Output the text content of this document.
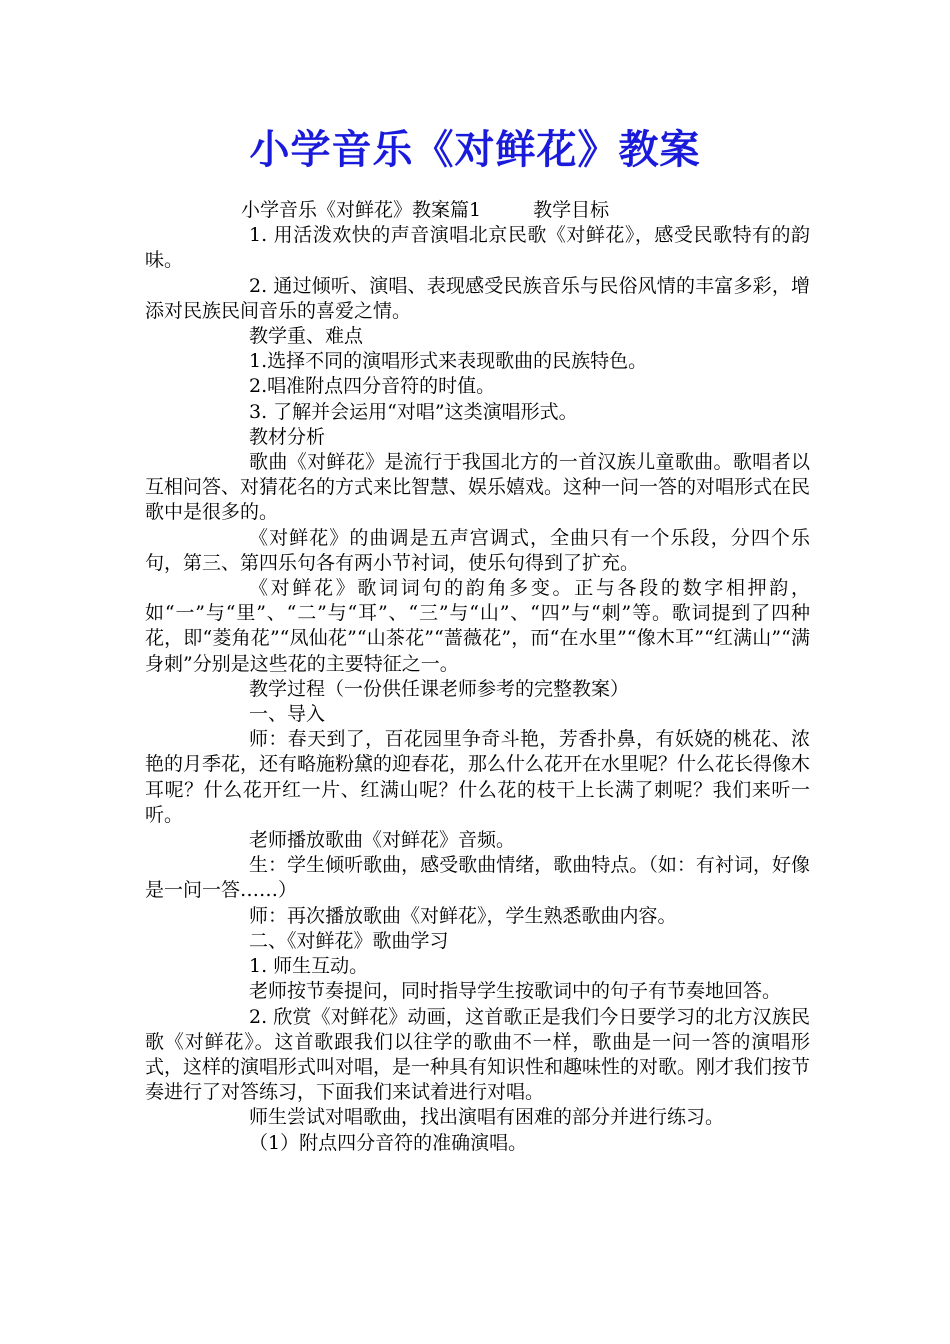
小学音乐《对鲜花》教案

小学音乐《对鲜花》教案篇1	教学目标

1. 用活泼欢快的声音演唱北京民歌《对鲜花》，感受民歌特有的韵味。

2. 通过倾听、演唱、表现感受民族音乐与民俗风情的丰富多彩，增添对民族民间音乐的喜爱之情。

教学重、难点

1.选择不同的演唱形式来表现歌曲的民族特色。

2.唱准附点四分音符的时值。

3. 了解并会运用“对唱”这类演唱形式。

教材分析

歌曲《对鲜花》是流行于我国北方的一首汉族儿童歌曲。歌唱者以互相问答、对猜花名的方式来比智慧、娱乐嬉戏。这种一问一答的对唱形式在民歌中是很多的。

《对鲜花》的曲调是五声宫调式，全曲只有一个乐段，分四个乐句，第三、第四乐句各有两小节衬词，使乐句得到了扩充。

《对鲜花》歌词词句的韵角多变。正与各段的数字相押韵，如“一”与“里”、“二”与“耳”、“三”与“山”、“四”与“刺”等。歌词提到了四种花，即“菱角花”“凤仙花”“山茶花”“蔷薇花”，而“在水里”“像木耳”“红满山”“满身刺”分别是这些花的主要特征之一。

教学过程（一份供任课老师参考的完整教案）

一、导入

师：春天到了，百花园里争奇斗艳，芳香扑鼻，有妖娆的桃花、浓艳的月季花，还有略施粉黛的迎春花，那么什么花开在水里呢？什么花长得像木耳呢？什么花开红一片、红满山呢？什么花的枝干上长满了刺呢？我们来听一听。

老师播放歌曲《对鲜花》音频。

生：学生倾听歌曲，感受歌曲情绪，歌曲特点。（如：有衬词，好像是一问一答……）

师：再次播放歌曲《对鲜花》，学生熟悉歌曲内容。

二、《对鲜花》歌曲学习

1. 师生互动。

老师按节奏提问，同时指导学生按歌词中的句子有节奏地回答。

2. 欣赏《对鲜花》动画，这首歌正是我们今日要学习的北方汉族民歌《对鲜花》。这首歌跟我们以往学的歌曲不一样，歌曲是一问一答的演唱形式，这样的演唱形式叫对唱，是一种具有知识性和趣味性的对歌。刚才我们按节奏进行了对答练习，下面我们来试着进行对唱。

师生尝试对唱歌曲，找出演唱有困难的部分并进行练习。

（1）附点四分音符的准确演唱。
